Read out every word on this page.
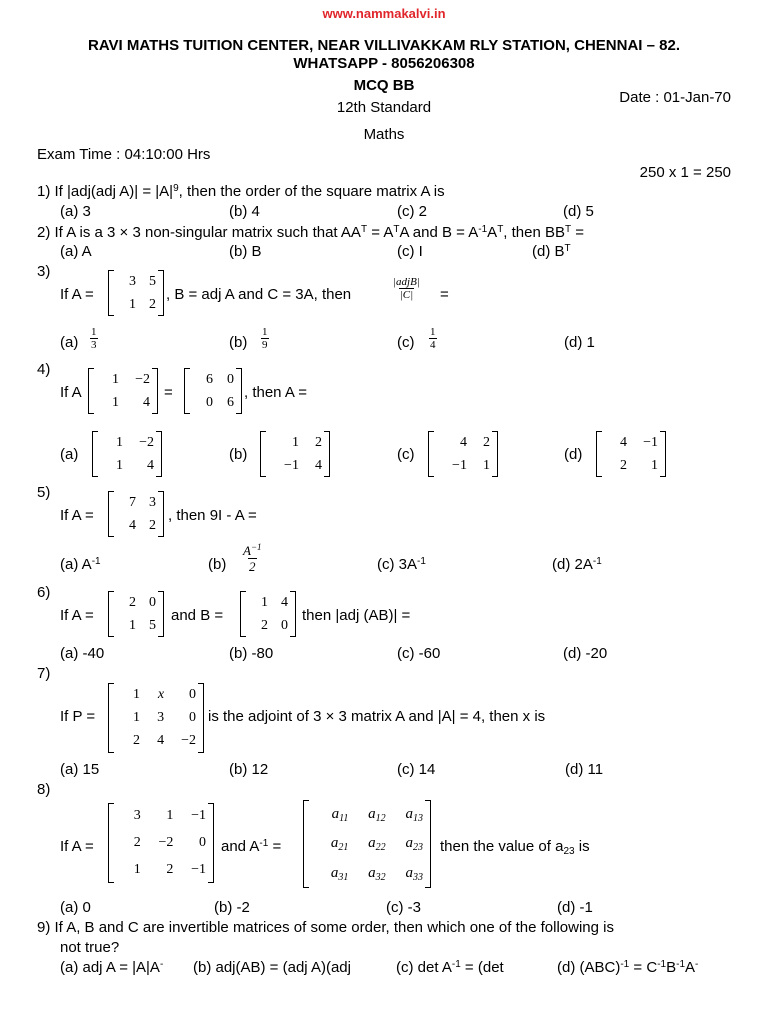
www.nammakalvi.in
RAVI MATHS TUITION CENTER, NEAR VILLIVAKKAM RLY STATION, CHENNAI – 82.
WHATSAPP - 8056206308
MCQ BB
12th Standard
Date : 01-Jan-70
Maths
Exam Time : 04:10:00 Hrs
250 x 1 = 250
1) If |adj(adj $A)| = |A|^9$, then the order of the square matrix A is
(a) 3	(b) 4	(c) 2	(d) 5
2) If A is a 3 × 3 non-singular matrix such that $AA^T = A^TA$ and $B = A^{-1}A^T$, then $BB^T$ =
(a) A	(b) B	(c) I	(d) $B^T$
3)
If A =
3 5
1 2
, B = adj A and C = 3A, then
|adjB|
|C| =
$(a) \frac{1}{3}$	$(b) \frac{1}{9}$	$(c) \frac{1}{4}$	(d) 1
4)
If A
1	−2
1	4
=
6	0
0	6
, then A =
(a)
1	−2
1	4
(b)
1	2
−1	4
(c)
4	2
−1	1
(d)
4	−1
2	1
5)
If A =
7 3
4 2
, then 9I - A =
(a) $A^{-1}$	$(b) \frac{A^{-1}}{2}$	(c) $3A^{-1}$	(d) $2A^{-1}$
6)
If A =
2 0
1 5
and B =
1 4
2 0
then |adj (AB)| =
(a) -40	(b) -80	(c) -60	(d) -20
7)
If P =
1	x	0
1	3	0
2	4	−2
is the adjoint of 3 × 3 matrix A and |A| = 4, then x is
(a) 15	(b) 12	(c) 14	(d) 11
8)
If A =
3	1	−1
2	−2	0
1	2	−1
and $A^{-1}$ =
$a_{11}$	$a_{12}$	$a_{13}$
$a_{21}$	$a_{22}$	$a_{23}$
$a_{31}$	$a_{32}$	$a_{33}$
then the value of $a_{23}$ is
(a) 0	(b) -2	(c) -3	(d) -1
9) If A, B and C are invertible matrices of some order, then which one of the following is
not true?
(a) adj A = |A|A- (b) adj(AB) = (adj A)(adj	(c) $\det A^{-1} = (\det$	(d) $(ABC)^{-1} = C^{-1}B^{-1}A^-$
